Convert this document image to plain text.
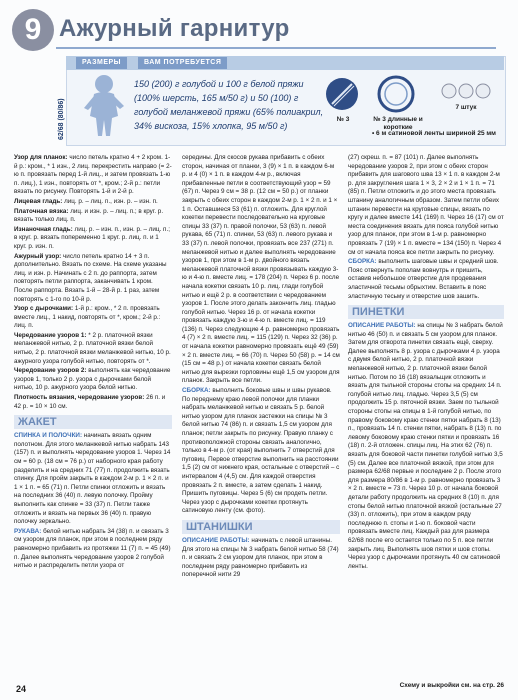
9 Ажурный гарнитур
РАЗМЕРЫ	ВАМ ПОТРЕБУЕТСЯ
62/68 (80/86)
150 (200) г голубой и 100 г белой пряжи
(100% шерсть, 165 м/50 г) и 50 (100) г
голубой меланжевой пряжи (65% полиакрил,
34% вискоза, 15% хлопка, 95 м/50 г)
№ 3	№ 3 длинные и короткие
7 штук
• 6 м сатиновой ленты шириной 25 мм

Узор для планок: число петель кратно 4 + 2 кром. 1-й р.: кром., * 1 изн., 2 лиц. перекрестить направо (= 2-ю п. провязать перед 1-й лиц., и затем провязать 1-ю п. лиц.), 1 изн., повторять от *, кром.; 2-й р.: петли вязать по рисунку. Повторять 1-й и 2-й р.

Лицевая гладь: лиц. р. – лиц. п., изн. р. – изн. п.

Платочная вязка: лиц. и изн. р. – лиц. п.; в круг. р. вязать только лиц. п.

Изнаночная гладь: лиц. р. – изн. п., изн. р. – лиц. п.; в круг. р. вязать попеременно 1 круг. р. лиц. п. и 1 круг. р. изн. п.

Ажурный узор: число петель кратно 14 + 3 п. дополнительно. Вязать по схеме. На схеме указаны лиц. и изн. р. Начинать с 2 п. до раппорта, затем повторять петли раппорта, заканчивать 1 кром. После раппорта. Вязать 1-й – 28-й р. 1 раз, затем повторять с 1-го по 10-й р.

Узор с дырочками: 1-й р.: кром., * 2 п. провязать вместе лиц., 1 накид, повторять от *, кром.; 2-й р.: лиц. п.

Чередование узоров 1: * 2 р. платочной вязки меланжевой нитью, 2 р. платочной вязки белой нитью, 2 р. платочной вязки меланжевой нитью, 10 р. ажурного узора голубой нитью, повторять от *.

Чередование узоров 2: выполнять как чередование узоров 1, только 2 р. узора с дырочками белой нитью, 10 р. ажурного узора белой нитью.

Плотность вязания, чередование узоров: 26 п. и 42 р. = 10 × 10 см.

ЖАКЕТ

СПИНКА И ПОЛОЧКИ: начинать вязать одним полотном. Для этого меланжевой нитью набрать 143 (157) п. и выполнять чередование узоров 1. Через 14 см = 60 р. (18 см = 76 р.) от наборного края работу разделить и на средних 71 (77) п. продолжить вязать спинку. Для пройм закрыть в каждом 2-м р. 1 × 2 п. и 1 × 1 п. = 65 (71) п. Петли спинки отложить и вязать на последних 36 (40) п. левую полочку. Пройму выполнить как спинке = 33 (37) п. Петли также отложить и вязать на первых 36 (40) п. правую полочку зеркально.

РУКАВА: белой нитью набрать 34 (38) п. и связать 3 см узором для планок, при этом в последнем ряду равномерно прибавить из протяжки 11 (7) п. = 45 (49) п. Далее выполнять чередование узоров 2 голубой нитью и распределить петли узора от

середины. Для скосов рукава прибавить с обеих сторон, начиная от планки, 3 (9) × 1 п. в каждом 6-м р. и 4 (0) × 1 п. в каждом 4-м р., включая прибавленные петли в соответствующий узор = 59 (67) п. Через 9 см = 38 р. (12 см = 50 р.) от планки закрыть с обеих сторон в каждом 2-м р. 1 × 2 п. и 1 × 1 п. Оставшиеся 53 (61) п. отложить. Для круглой кокетки перевести последовательно на круговые спицы 33 (37) п. правой полочки, 53 (63) п. левой рукава, 65 (71) п. спинки, 53 (63) п. левого рукава и 33 (37) п. левой полочки, провязать все 237 (271) п. меланжевой нитью и далее выполнять чередование узоров 1, при этом в 1-м р. двойного вязать меланжевой платочной вязки провязывать каждую 3-ю и 4-ю п. вместе лиц. = 178 (204) п. Через 6 р. после начала кокетки связать 10 р. лиц. глади голубой нитью и ещё 2 р. в соответствии с чередованием узоров 1. После этого делать закончить лиц. гладью голубой нитью. Через 16 р. от начала кокетки провязать каждую 3-ю и 4-ю п. вместе лиц. = 119 (136) п. Через следующие 4 р. равномерно провязать 4 (7) × 2 п. вместе лиц. = 115 (129) п. Через 32 (36) р. от начала кокетки равномерно провязать ещё 49 (59) × 2 п. вместе лиц. = 66 (70) п. Через 50 (58) р. = 14 см (15 см = 48 р.) от начала кокетки связать белой нитью для вырезки горловины ещё 1,5 см узором для планок. Закрыть все петли.

СБОРКА: выполнить боковые швы и швы рукавов. По переднему краю левой полочки для планки набрать меланжевой нитью и связать 5 р. белой нитью узором для планок застежки на спицы № 3 белой нитью 74 (86) п. и связать 1,5 см узором для планок; петли закрыть по рисунку. Правую планку с противоположной стороны связать аналогично, только в 4-м р. (от края) выполнить 7 отверстий для пуговиц. Первое отверстие выполнить на расстоянии 1,5 (2) см от нижнего края, остальные с отверстий – с интервалом 4 (4,5) см. Для каждой отверстия провязать 2 п. вместе, а затем сделать 1 накид. Пришить пуговицы. Через 5 (6) см продеть петли. Через узор с дырочками кокетки протянуть сатиновую ленту (см. фото).

ШТАНИШКИ

ОПИСАНИЕ РАБОТЫ: начинать с левой штанины. Для этого на спицы № 3 набрать белой нитью 58 (74) п. и связать 2 см узором для планок, при этом в последнем ряду равномерно прибавить из поперечной нити 29

(27) скреш. п. = 87 (101) п. Далее выполнять чередование узоров 2, при этом с обеих сторон прибавить для шагового шва 13 × 1 п. в каждом 2-м р. для закругления шага 1 × 3, 2 × 2 и 1 × 1 п. = 71 (85) п. Петли отложить и до этого места провязать штанину аналогичным образом. Затем петли обеих штанин перевести на круговые спицы, вязать по кругу и далее вместе 141 (169) п. Через 16 (17) см от места соединения вязать для пояса голубой нитью узор для планок, при этом в 1-м р. равномерно провязать 7 (19) × 1 п. вместе = 134 (150) п. Через 4 см от начала пояса все петли закрыть по рисунку.

СБОРКА: выполнить шаговые швы и средний шов. Пояс отвернуть пополам вовнутрь и пришить, оставив небольшое отверстие для продевания эластичной тесьмы обрыхтим. Вставить в пояс эластичную тесьму и отверстие шов зашить.

ПИНЕТКИ

ОПИСАНИЕ РАБОТЫ: на спицы № 3 набрать белой нитью 46 (50) п. и связать 5 см узором для планок. Затем для отворота пинетки связать ещё, сверху. Далее выполнять 8 р. узора с дырочками 4 р. узора с двумя белой нитью, 2 р. платочной вязки меланжевой нитью, 2 р. платочной вязки белой нитью. Потом по 16 (18) вязальщик отложить и вязать для тыльной стороны стопы на средних 14 п. голубой нитью лиц. гладью. Через 3,5 (5) см продолжить 15 р. пяточной вязки. Заем по тыльной стороны стопы на спицы в 1-й голубой нитью, по правому боковому краю стенки пятки набрать 8 (13) п., провязать 14 п. стенки пятки, набрать 8 (13) п. по левому боковому краю стенки пятки и провязать 16 (18) п. 2-й отложен. спицы лиц. На этих 62 (76) п. вязать для боковой части пинетки голубой нитью 3,5 (5) см. Далее все платочной вязкой, при этом для размера 62/68 первые и последние 2 р. После этого для размера 80/86 в 1-м р. равномерно провязать 3 × 2 п. вместе = 73 п. Через 10 р. от начала боковой детали работу продолжить на средних 8 (10) п. для стопы белой нитью платочной вязкой (остальные 27 (33) п. отложить), при этом в каждом ряду последнюю п. стопы и 1-ю п. боковой части провязать вместе лиц. Каждый раз для размера 62/68 после его остается только по 5 п. все петли закрыть лиц. Выполнять шов пятки и шов стопы. Через узор с дырочками протянуть 40 см сатиновой ленты.

Схему и выкройки см. на стр. 26
24
